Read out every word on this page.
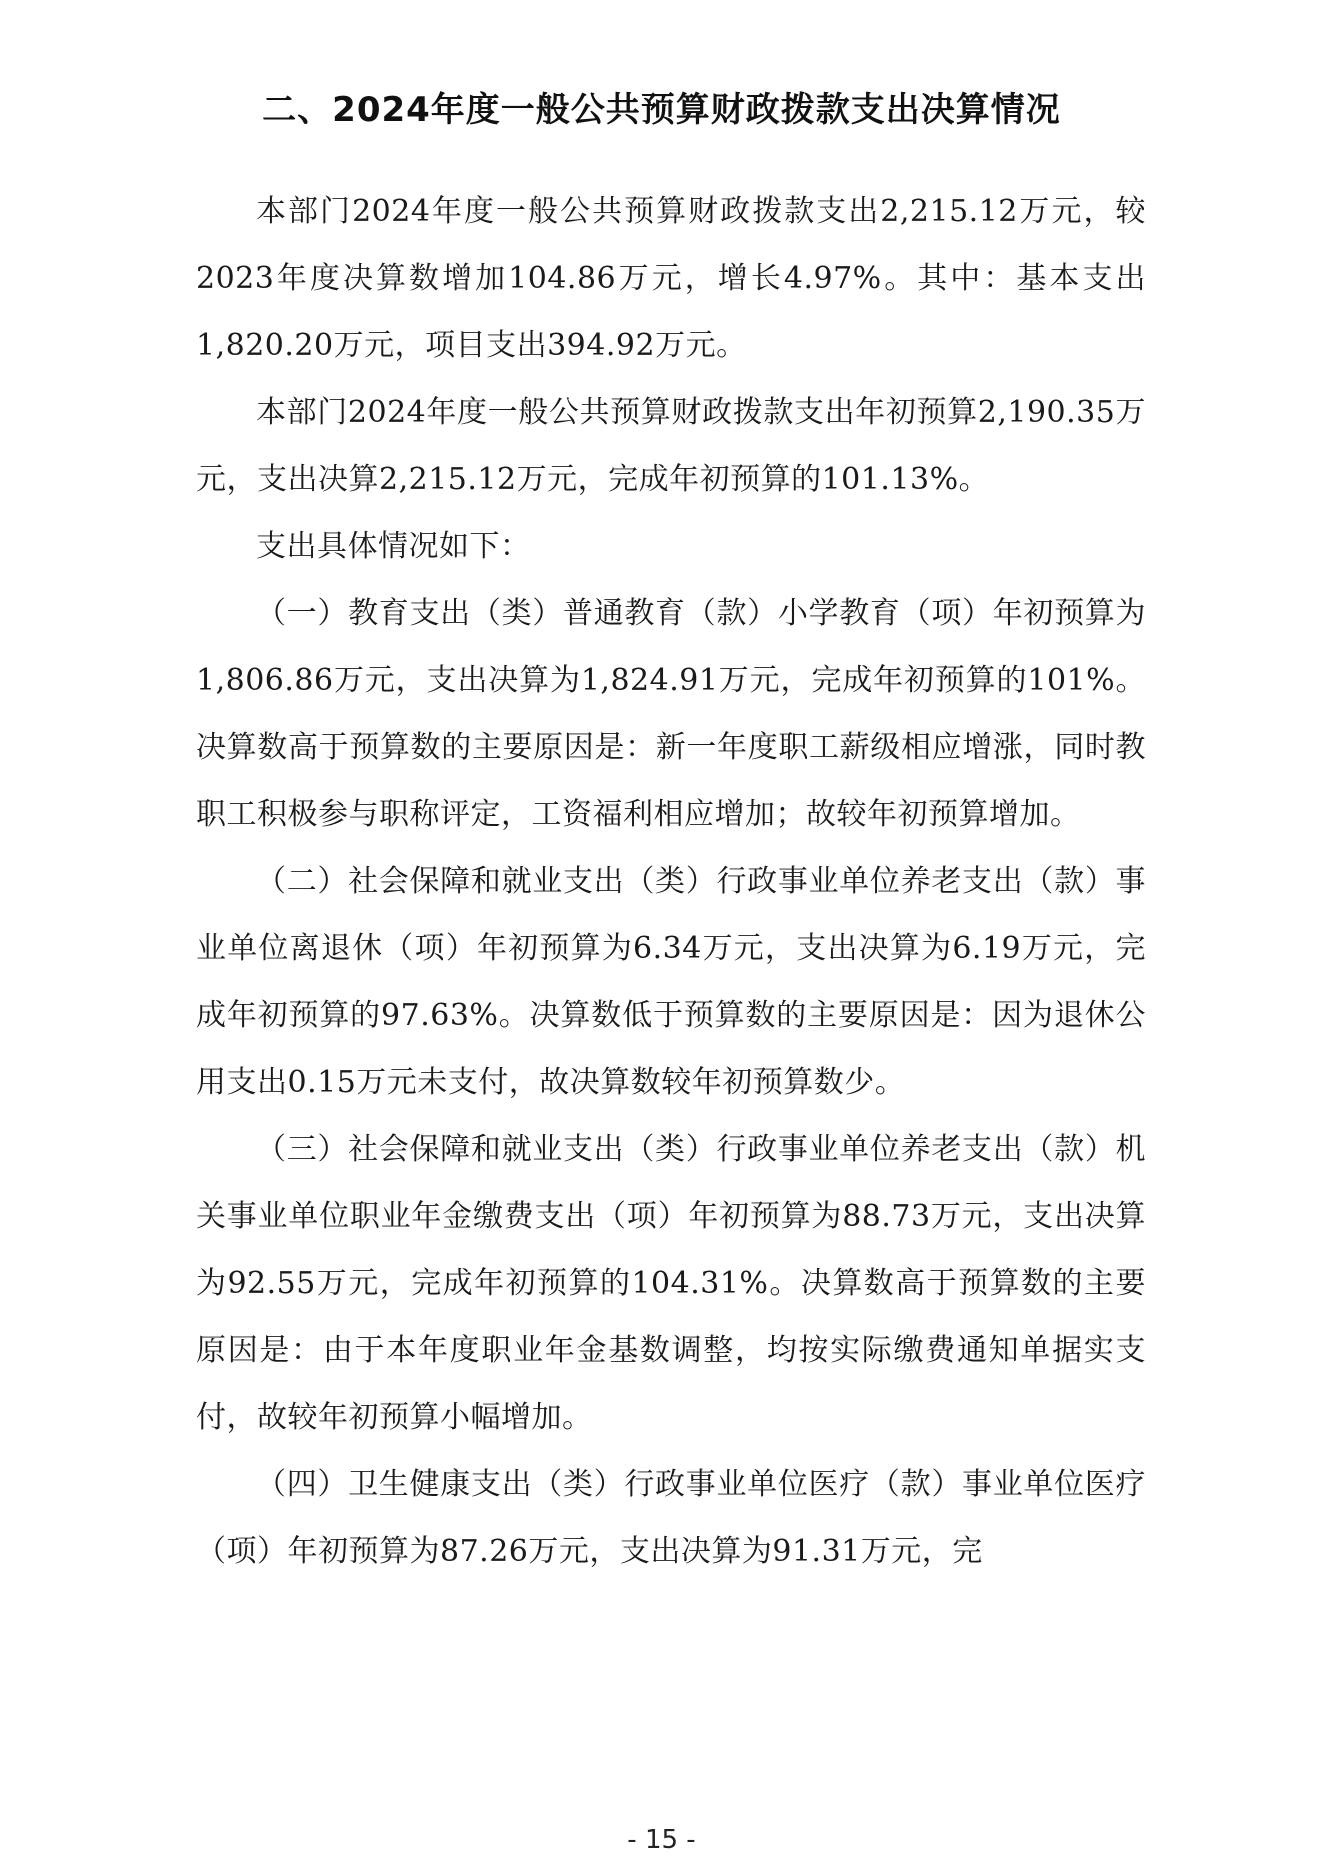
二、2024年度一般公共预算财政拨款支出决算情况

本部门2024年度一般公共预算财政拨款支出2,215.12万元，较2023年度决算数增加104.86万元，增长4.97%。其中：基本支出1,820.20万元，项目支出394.92万元。

本部门2024年度一般公共预算财政拨款支出年初预算2,190.35万元，支出决算2,215.12万元，完成年初预算的101.13%。

支出具体情况如下：

（一）教育支出（类）普通教育（款）小学教育（项）年初预算为1,806.86万元，支出决算为1,824.91万元，完成年初预算的101%。决算数高于预算数的主要原因是：新一年度职工薪级相应增涨，同时教职工积极参与职称评定，工资福利相应增加；故较年初预算增加。

（二）社会保障和就业支出（类）行政事业单位养老支出（款）事业单位离退休（项）年初预算为6.34万元，支出决算为6.19万元，完成年初预算的97.63%。决算数低于预算数的主要原因是：因为退休公用支出0.15万元未支付，故决算数较年初预算数少。

（三）社会保障和就业支出（类）行政事业单位养老支出（款）机关事业单位职业年金缴费支出（项）年初预算为88.73万元，支出决算为92.55万元，完成年初预算的104.31%。决算数高于预算数的主要原因是：由于本年度职业年金基数调整，均按实际缴费通知单据实支付，故较年初预算小幅增加。

（四）卫生健康支出（类）行政事业单位医疗（款）事业单位医疗（项）年初预算为87.26万元，支出决算为91.31万元，完

- 15 -
